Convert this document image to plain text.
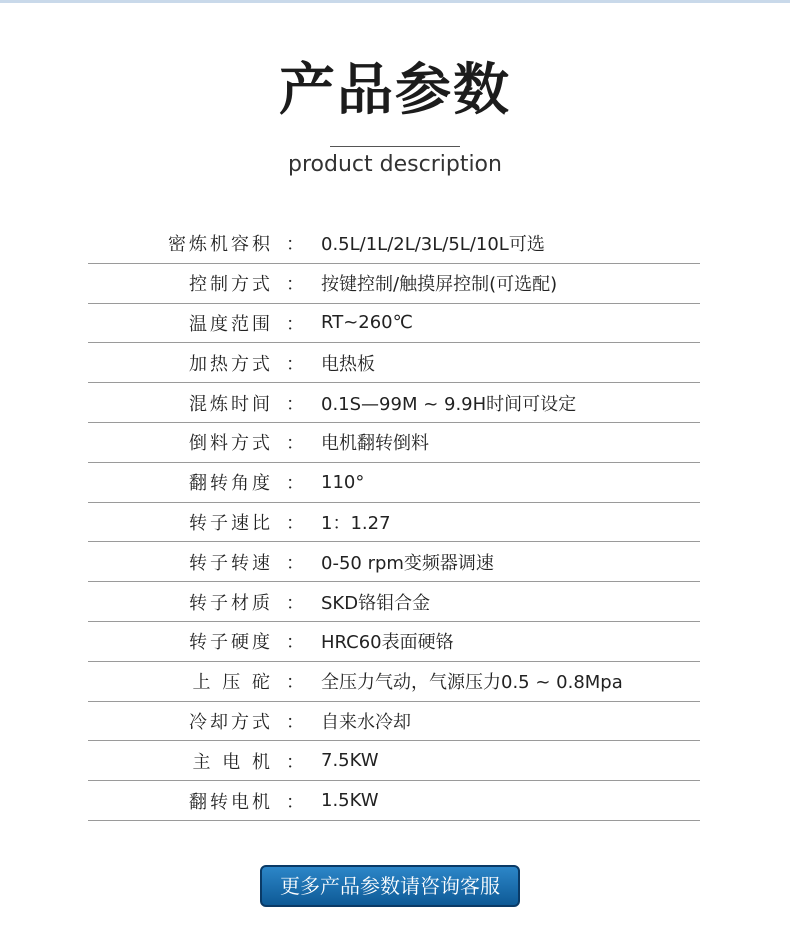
产品参数
product description
密炼机容积 ： 0.5L/1L/2L/3L/5L/10L可选
控制方式 ： 按键控制/触摸屏控制(可选配)
温度范围 ： RT~260℃
加热方式 ： 电热板
混炼时间 ： 0.1S—99M ~ 9.9H时间可设定
倒料方式 ： 电机翻转倒料
翻转角度 ： 110°
转子速比 ： 1：1.27
转子转速 ： 0-50 rpm变频器调速
转子材质 ： SKD铬钼合金
转子硬度 ： HRC60表面硬铬
上 压 砣 ： 全压力气动，气源压力0.5 ~ 0.8Mpa
冷却方式 ： 自来水冷却
主 电 机 ： 7.5KW
翻转电机 ： 1.5KW
更多产品参数请咨询客服
